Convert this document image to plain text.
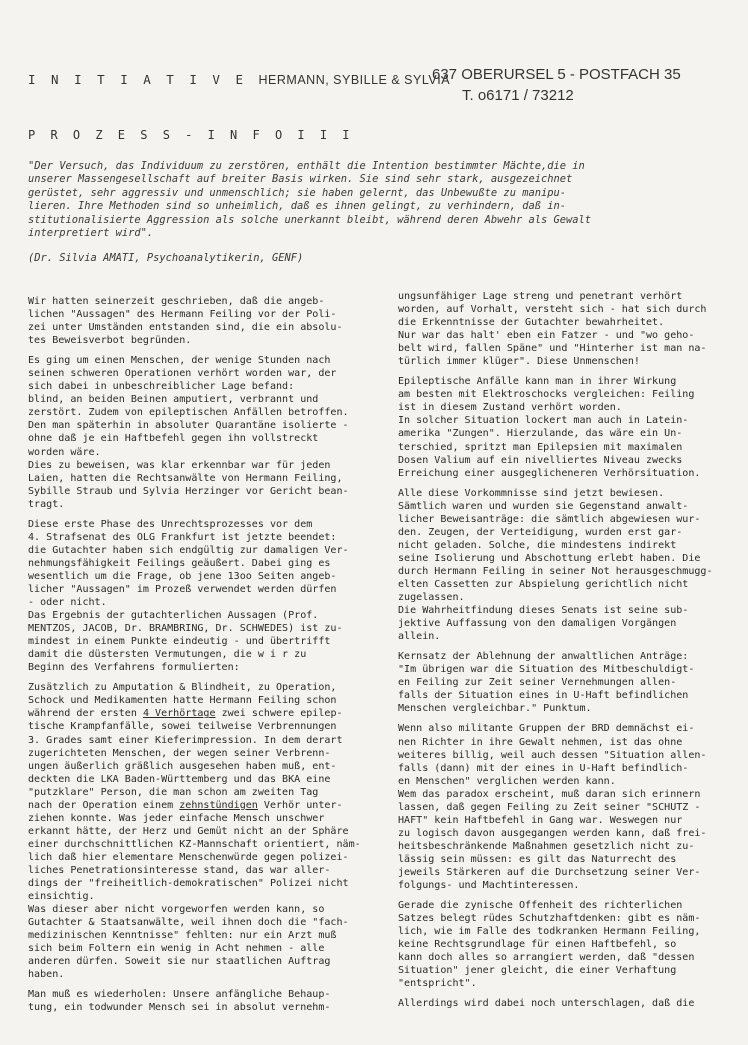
I N I T I A T I V E HERMANN, SYBILLE & SYLVIA
637 OBERURSEL 5 - POSTFACH 35
T. o6171 / 73212
P R O Z E S S - I N F O I I I
"Der Versuch, das Individuum zu zerstören, enthält die Intention bestimmter Mächte,die in
unserer Massengesellschaft auf breiter Basis wirken. Sie sind sehr stark, ausgezeichnet
gerüstet, sehr aggressiv und unmenschlich; sie haben gelernt, das Unbewußte zu manipu-
lieren. Ihre Methoden sind so unheimlich, daß es ihnen gelingt, zu verhindern, daß in-
stitutionalisierte Aggression als solche unerkannt bleibt, während deren Abwehr als Gewalt
interpretiert wird".
(Dr. Silvia AMATI, Psychoanalytikerin, GENF)

Wir hatten seinerzeit geschrieben, daß die angeb-
lichen "Aussagen" des Hermann Feiling vor der Poli-
zei unter Umständen entstanden sind, die ein absolu-
tes Beweisverbot begründen.

Es ging um einen Menschen, der wenige Stunden nach
seinen schweren Operationen verhört worden war, der
sich dabei in unbeschreiblicher Lage befand:
blind, an beiden Beinen amputiert, verbrannt und
zerstört. Zudem von epileptischen Anfällen betroffen.
Den man späterhin in absoluter Quarantäne isolierte -
ohne daß je ein Haftbefehl gegen ihn vollstreckt
worden wäre.
Dies zu beweisen, was klar erkennbar war für jeden
Laien, hatten die Rechtsanwälte von Hermann Feiling,
Sybille Straub und Sylvia Herzinger vor Gericht bean-
tragt.

Diese erste Phase des Unrechtsprozesses vor dem
4. Strafsenat des OLG Frankfurt ist jetzte beendet:
die Gutachter haben sich endgültig zur damaligen Ver-
nehmungsfähigkeit Feilings geäußert. Dabei ging es
wesentlich um die Frage, ob jene 13oo Seiten angeb-
licher "Aussagen" im Prozeß verwendet werden dürfen
- oder nicht.
Das Ergebnis der gutachterlichen Aussagen (Prof.
MENTZOS, JACOB, Dr. BRAMBRING, Dr. SCHWEDES) ist zu-
mindest in einem Punkte eindeutig - und übertrifft
damit die düstersten Vermutungen, die w i r zu
Beginn des Verfahrens formulierten:

Zusätzlich zu Amputation & Blindheit, zu Operation,
Schock und Medikamenten hatte Hermann Feiling schon
während der ersten 4 Verhörtage zwei schwere epilep-
tische Krampfanfälle, sowei teilweise Verbrennungen
3. Grades samt einer Kieferimpression. In dem derart
zugerichteten Menschen, der wegen seiner Verbrenn-
ungen äußerlich gräßlich ausgesehen haben muß, ent-
deckten die LKA Baden-Württemberg und das BKA eine
"putzklare" Person, die man schon am zweiten Tag
nach der Operation einem zehnstündigen Verhör unter-
ziehen konnte. Was jeder einfache Mensch unschwer
erkannt hätte, der Herz und Gemüt nicht an der Sphäre
einer durchschnittlichen KZ-Mannschaft orientiert, näm-
lich daß hier elementare Menschenwürde gegen polizei-
liches Penetrationsinteresse stand, das war aller-
dings der "freiheitlich-demokratischen" Polizei nicht
einsichtig.
Was dieser aber nicht vorgeworfen werden kann, so
Gutachter & Staatsanwälte, weil ihnen doch die "fach-
medizinischen Kenntnisse" fehlten: nur ein Arzt muß
sich beim Foltern ein wenig in Acht nehmen - alle
anderen dürfen. Soweit sie nur staatlichen Auftrag
haben.

Man muß es wiederholen: Unsere anfängliche Behaup-
tung, ein todwunder Mensch sei in absolut vernehm-

ungsunfähiger Lage streng und penetrant verhört
worden, auf Vorhalt, versteht sich - hat sich durch
die Erkenntnisse der Gutachter bewahrheitet.
Nur war das halt' eben ein Fatzer - und "wo geho-
belt wird, fallen Späne" und "Hinterher ist man na-
türlich immer klüger". Diese Unmenschen!

Epileptische Anfälle kann man in ihrer Wirkung
am besten mit Elektroschocks vergleichen: Feiling
ist in diesem Zustand verhört worden.
In solcher Situation lockert man auch in Latein-
amerika "Zungen". Hierzulande, das wäre ein Un-
terschied, spritzt man Epilepsien mit maximalen
Dosen Valium auf ein nivelliertes Niveau zwecks
Erreichung einer ausgeglicheneren Verhörsituation.

Alle diese Vorkommnisse sind jetzt bewiesen.
Sämtlich waren und wurden sie Gegenstand anwalt-
licher Beweisanträge: die sämtlich abgewiesen wur-
den. Zeugen, der Verteidigung, wurden erst gar-
nicht geladen. Solche, die mindestens indirekt
seine Isolierung und Abschottung erlebt haben. Die
durch Hermann Feiling in seiner Not herausgeschmugg-
elten Cassetten zur Abspielung gerichtlich nicht
zugelassen.
Die Wahrheitfindung dieses Senats ist seine sub-
jektive Auffassung von den damaligen Vorgängen
allein.

Kernsatz der Ablehnung der anwaltlichen Anträge:
"Im übrigen war die Situation des Mitbeschuldigt-
en Feiling zur Zeit seiner Vernehmungen allen-
falls der Situation eines in U-Haft befindlichen
Menschen vergleichbar." Punktum.

Wenn also militante Gruppen der BRD demnächst ei-
nen Richter in ihre Gewalt nehmen, ist das ohne
weiteres billig, weil auch dessen "Situation allen-
falls (dann) mit der eines in U-Haft befindlich-
en Menschen" verglichen werden kann.
Wem das paradox erscheint, muß daran sich erinnern
lassen, daß gegen Feiling zu Zeit seiner "SCHUTZ -
HAFT" kein Haftbefehl in Gang war. Weswegen nur
zu logisch davon ausgegangen werden kann, daß frei-
heitsbeschränkende Maßnahmen gesetzlich nicht zu-
lässig sein müssen: es gilt das Naturrecht des
jeweils Stärkeren auf die Durchsetzung seiner Ver-
folgungs- und Machtinteressen.

Gerade die zynische Offenheit des richterlichen
Satzes belegt rüdes Schutzhaftdenken: gibt es näm-
lich, wie im Falle des todkranken Hermann Feiling,
keine Rechtsgrundlage für einen Haftbefehl, so
kann doch alles so arrangiert werden, daß "dessen
Situation" jener gleicht, die einer Verhaftung
"entspricht".

Allerdings wird dabei noch unterschlagen, daß die
